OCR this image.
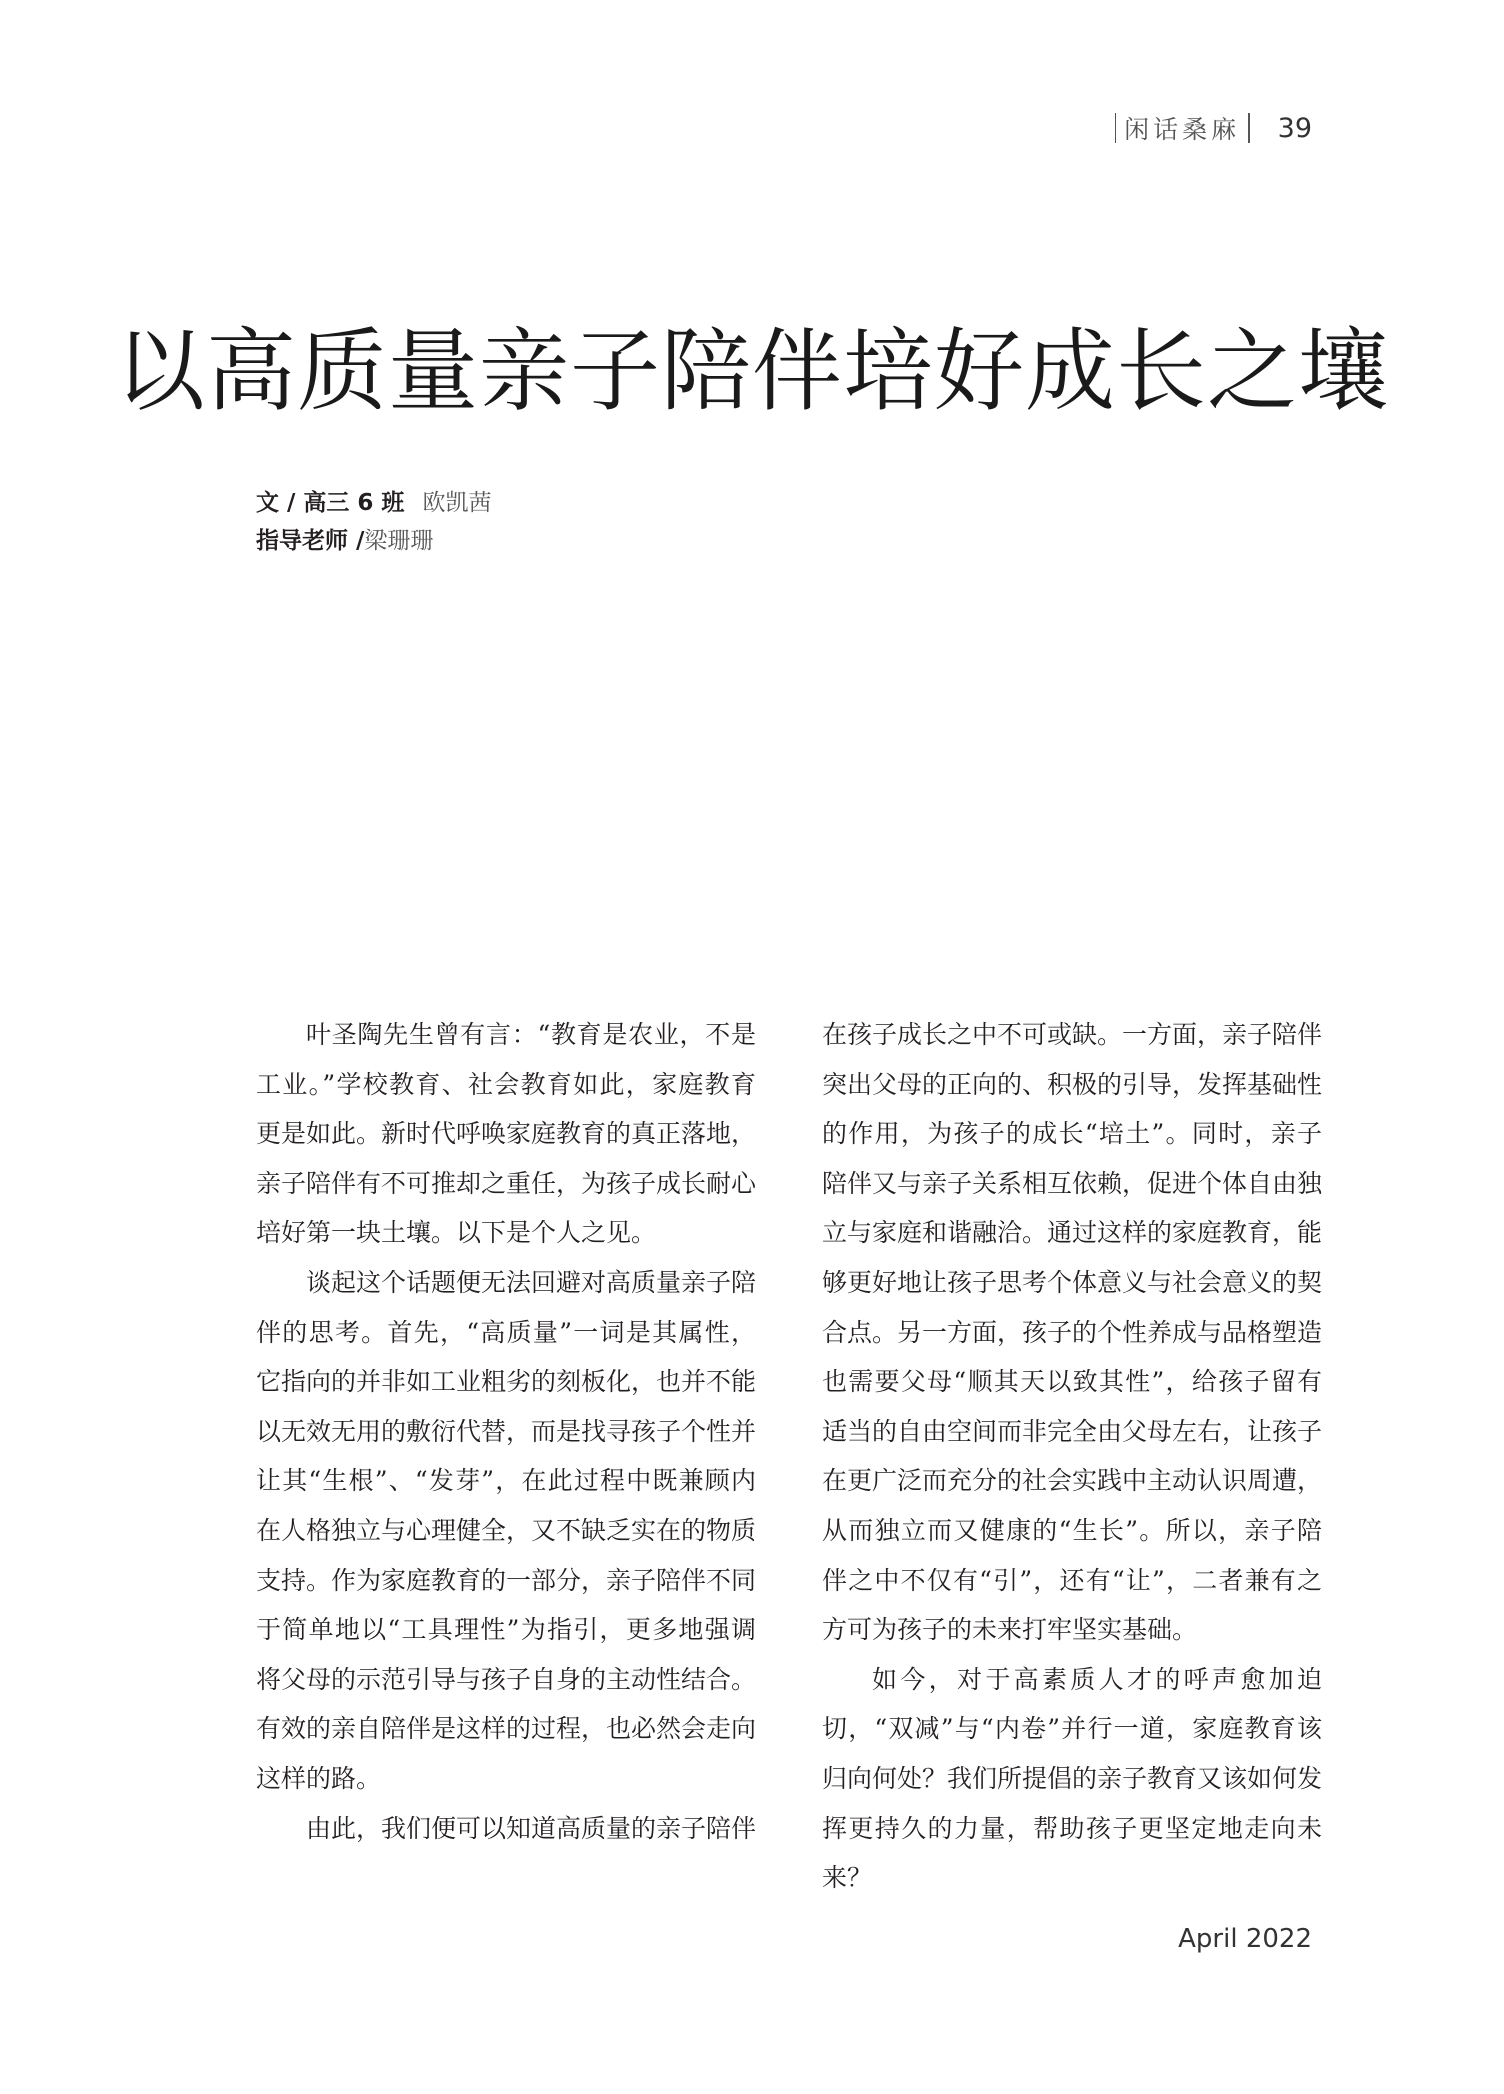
闲话桑麻 39
以高质量亲子陪伴培好成长之壤
文 / 高三 6 班 欧凯茜
指导老师 /梁珊珊

叶圣陶先生曾有言：“教育是农业，不是工业。”学校教育、社会教育如此，家庭教育更是如此。新时代呼唤家庭教育的真正落地，亲子陪伴有不可推却之重任，为孩子成长耐心培好第一块土壤。以下是个人之见。

谈起这个话题便无法回避对高质量亲子陪伴的思考。首先，“高质量”一词是其属性，它指向的并非如工业粗劣的刻板化，也并不能以无效无用的敷衍代替，而是找寻孩子个性并让其“生根”、“发芽”，在此过程中既兼顾内在人格独立与心理健全，又不缺乏实在的物质支持。作为家庭教育的一部分，亲子陪伴不同于简单地以“工具理性”为指引，更多地强调将父母的示范引导与孩子自身的主动性结合。有效的亲自陪伴是这样的过程，也必然会走向这样的路。

由此，我们便可以知道高质量的亲子陪伴

在孩子成长之中不可或缺。一方面，亲子陪伴突出父母的正向的、积极的引导，发挥基础性的作用，为孩子的成长“培土”。同时，亲子陪伴又与亲子关系相互依赖，促进个体自由独立与家庭和谐融洽。通过这样的家庭教育，能够更好地让孩子思考个体意义与社会意义的契合点。另一方面，孩子的个性养成与品格塑造也需要父母“顺其天以致其性”，给孩子留有适当的自由空间而非完全由父母左右，让孩子在更广泛而充分的社会实践中主动认识周遭，从而独立而又健康的“生长”。所以，亲子陪伴之中不仅有“引”，还有“让”，二者兼有之方可为孩子的未来打牢坚实基础。

如今，对于高素质人才的呼声愈加迫切，“双减”与“内卷”并行一道，家庭教育该归向何处？我们所提倡的亲子教育又该如何发挥更持久的力量，帮助孩子更坚定地走向未来？

April 2022
